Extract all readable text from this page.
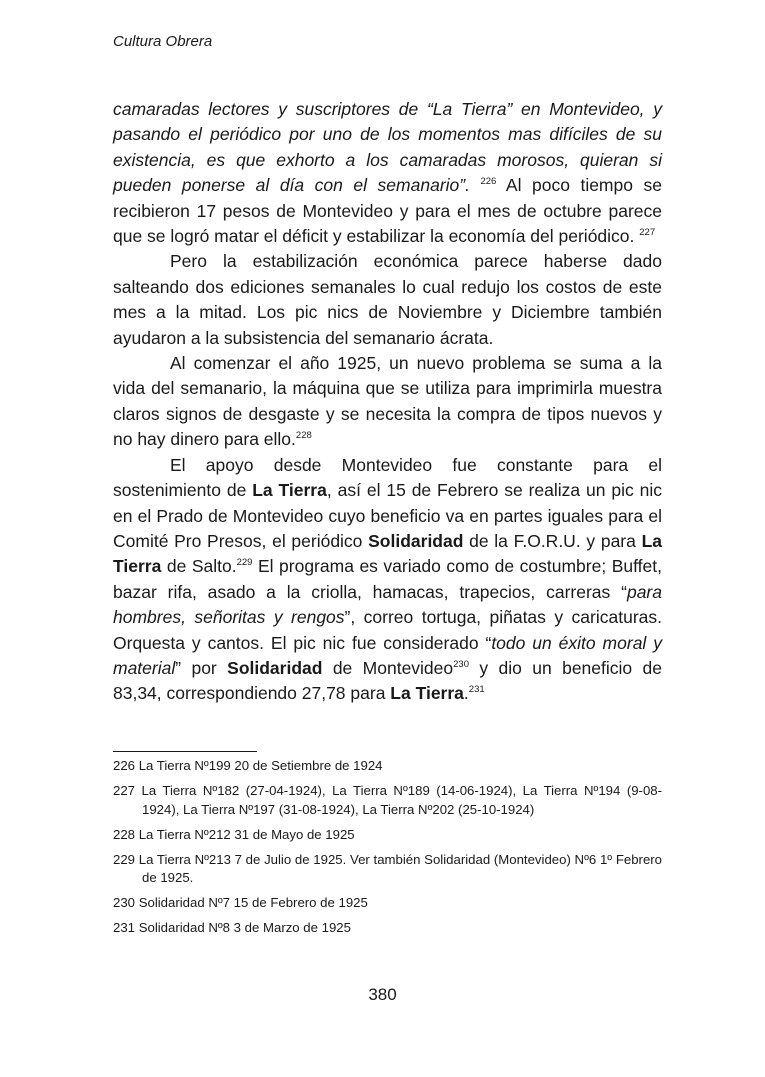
Cultura Obrera

camaradas lectores y suscriptores de “La Tierra” en Montevideo, y pasando el periódico por uno de los momentos mas difíciles de su existencia, es que exhorto a los camaradas morosos, quieran si pueden ponerse al día con el semanario”. $^{226}$ Al poco tiempo se recibieron 17 pesos de Montevideo y para el mes de octubre parece que se logró matar el déficit y estabilizar la economía del periódico. $^{227}$

Pero la estabilización económica parece haberse dado salteando dos ediciones semanales lo cual redujo los costos de este mes a la mitad. Los pic nics de Noviembre y Diciembre también ayudaron a la subsistencia del semanario ácrata.

Al comenzar el año 1925, un nuevo problema se suma a la vida del semanario, la máquina que se utiliza para imprimirla muestra claros signos de desgaste y se necesita la compra de tipos nuevos y no hay dinero para ello.$^{228}$

El apoyo desde Montevideo fue constante para el sostenimiento de La Tierra, así el 15 de Febrero se realiza un pic nic en el Prado de Montevideo cuyo beneficio va en partes iguales para el Comité Pro Presos, el periódico Solidaridad de la F.O.R.U. y para La Tierra de Salto.$^{229}$ El programa es variado como de costumbre; Buffet, bazar rifa, asado a la criolla, hamacas, trapecios, carreras “para hombres, señoritas y rengos”, correo tortuga, piñatas y caricaturas. Orquesta y cantos. El pic nic fue considerado “todo un éxito moral y material” por Solidaridad de Montevideo$^{230}$ y dio un beneficio de 83,34, correspondiendo 27,78 para La Tierra.$^{231}$

226 La Tierra Nº199 20 de Setiembre de 1924

227 La Tierra Nº182 (27-04-1924), La Tierra Nº189 (14-06-1924), La Tierra Nº194 (9-08-1924), La Tierra Nº197 (31-08-1924), La Tierra Nº202 (25-10-1924)

228 La Tierra Nº212 31 de Mayo de 1925

229 La Tierra Nº213 7 de Julio de 1925. Ver también Solidaridad (Montevideo) Nº6 1º Febrero de 1925.

230 Solidaridad Nº7 15 de Febrero de 1925

231 Solidaridad Nº8 3 de Marzo de 1925

380
